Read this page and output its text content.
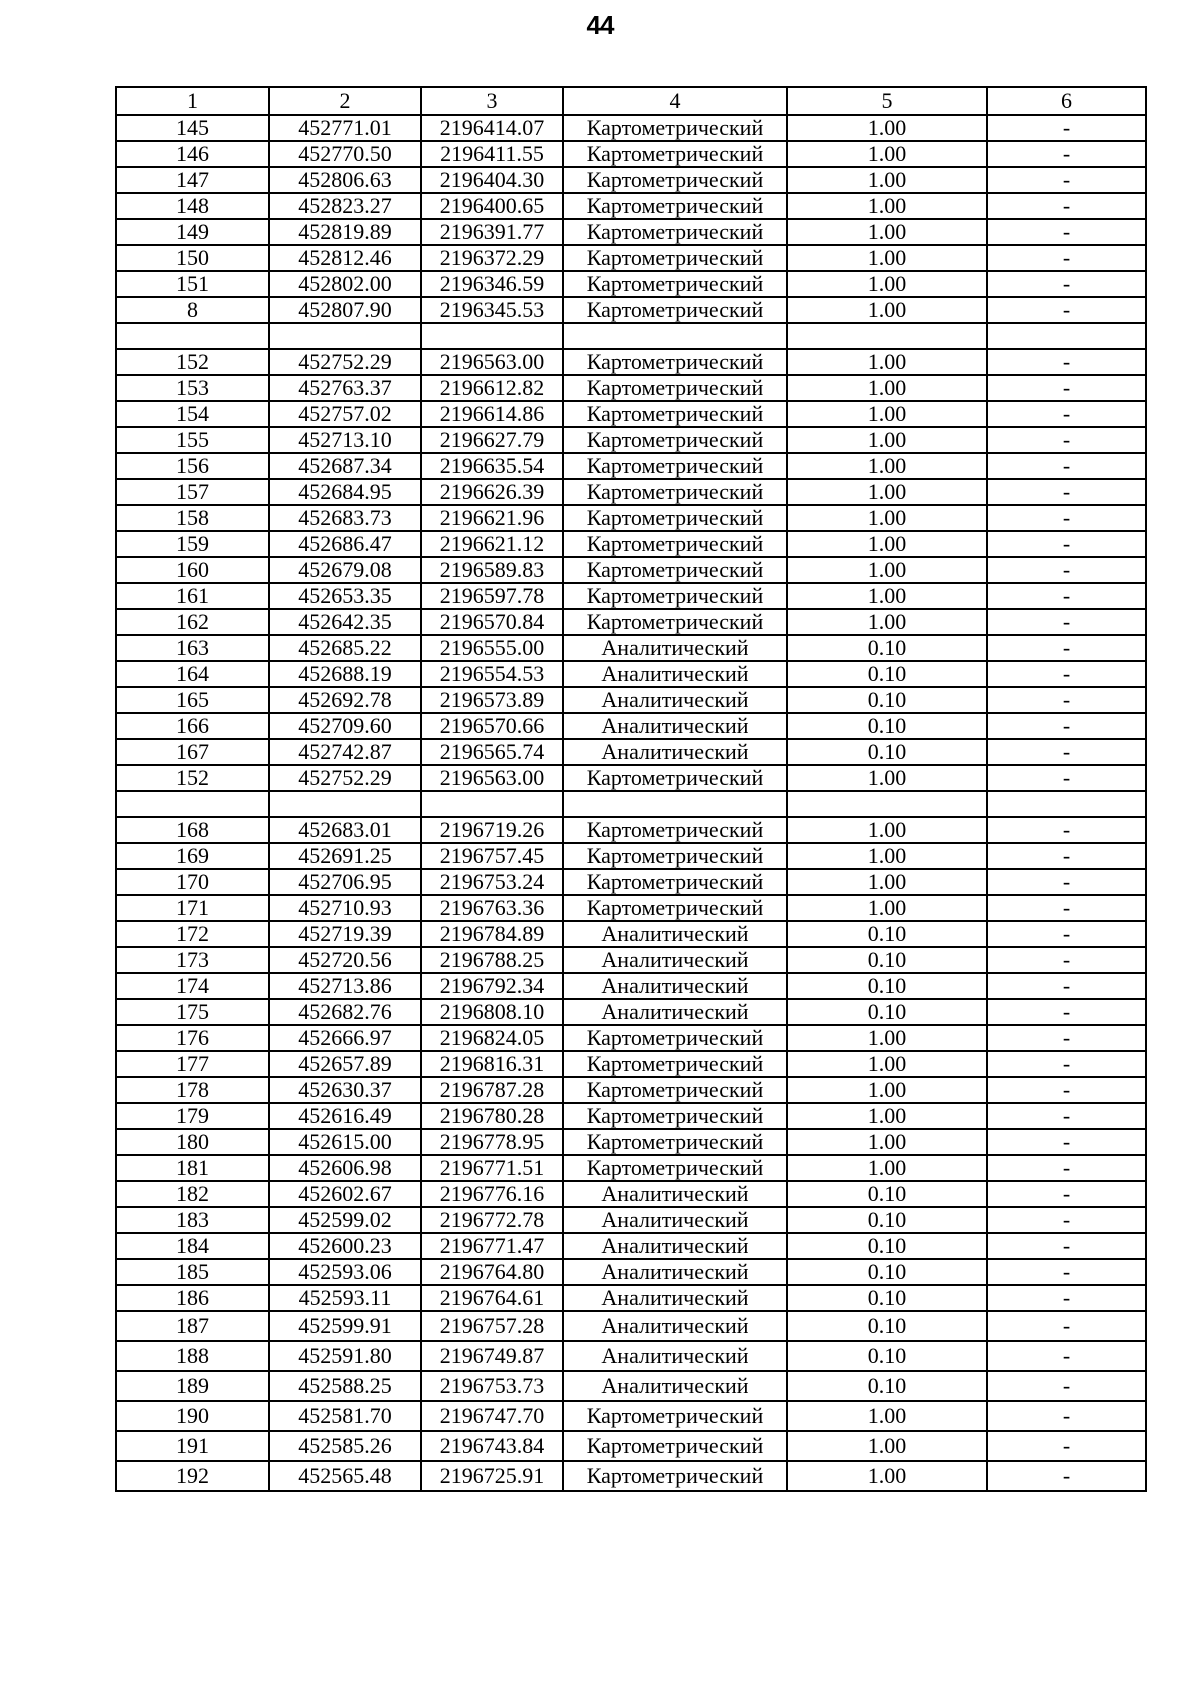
44
1	2	3	4	5	6
145	452771.01	2196414.07	Картометрический	1.00	-
146	452770.50	2196411.55	Картометрический	1.00	-
147	452806.63	2196404.30	Картометрический	1.00	-
148	452823.27	2196400.65	Картометрический	1.00	-
149	452819.89	2196391.77	Картометрический	1.00	-
150	452812.46	2196372.29	Картометрический	1.00	-
151	452802.00	2196346.59	Картометрический	1.00	-
8	452807.90	2196345.53	Картометрический	1.00	-

152	452752.29	2196563.00	Картометрический	1.00	-
153	452763.37	2196612.82	Картометрический	1.00	-
154	452757.02	2196614.86	Картометрический	1.00	-
155	452713.10	2196627.79	Картометрический	1.00	-
156	452687.34	2196635.54	Картометрический	1.00	-
157	452684.95	2196626.39	Картометрический	1.00	-
158	452683.73	2196621.96	Картометрический	1.00	-
159	452686.47	2196621.12	Картометрический	1.00	-
160	452679.08	2196589.83	Картометрический	1.00	-
161	452653.35	2196597.78	Картометрический	1.00	-
162	452642.35	2196570.84	Картометрический	1.00	-
163	452685.22	2196555.00	Аналитический	0.10	-
164	452688.19	2196554.53	Аналитический	0.10	-
165	452692.78	2196573.89	Аналитический	0.10	-
166	452709.60	2196570.66	Аналитический	0.10	-
167	452742.87	2196565.74	Аналитический	0.10	-
152	452752.29	2196563.00	Картометрический	1.00	-

168	452683.01	2196719.26	Картометрический	1.00	-
169	452691.25	2196757.45	Картометрический	1.00	-
170	452706.95	2196753.24	Картометрический	1.00	-
171	452710.93	2196763.36	Картометрический	1.00	-
172	452719.39	2196784.89	Аналитический	0.10	-
173	452720.56	2196788.25	Аналитический	0.10	-
174	452713.86	2196792.34	Аналитический	0.10	-
175	452682.76	2196808.10	Аналитический	0.10	-
176	452666.97	2196824.05	Картометрический	1.00	-
177	452657.89	2196816.31	Картометрический	1.00	-
178	452630.37	2196787.28	Картометрический	1.00	-
179	452616.49	2196780.28	Картометрический	1.00	-
180	452615.00	2196778.95	Картометрический	1.00	-
181	452606.98	2196771.51	Картометрический	1.00	-
182	452602.67	2196776.16	Аналитический	0.10	-
183	452599.02	2196772.78	Аналитический	0.10	-
184	452600.23	2196771.47	Аналитический	0.10	-
185	452593.06	2196764.80	Аналитический	0.10	-
186	452593.11	2196764.61	Аналитический	0.10	-
187	452599.91	2196757.28	Аналитический	0.10	-
188	452591.80	2196749.87	Аналитический	0.10	-
189	452588.25	2196753.73	Аналитический	0.10	-
190	452581.70	2196747.70	Картометрический	1.00	-
191	452585.26	2196743.84	Картометрический	1.00	-
192	452565.48	2196725.91	Картометрический	1.00	-
